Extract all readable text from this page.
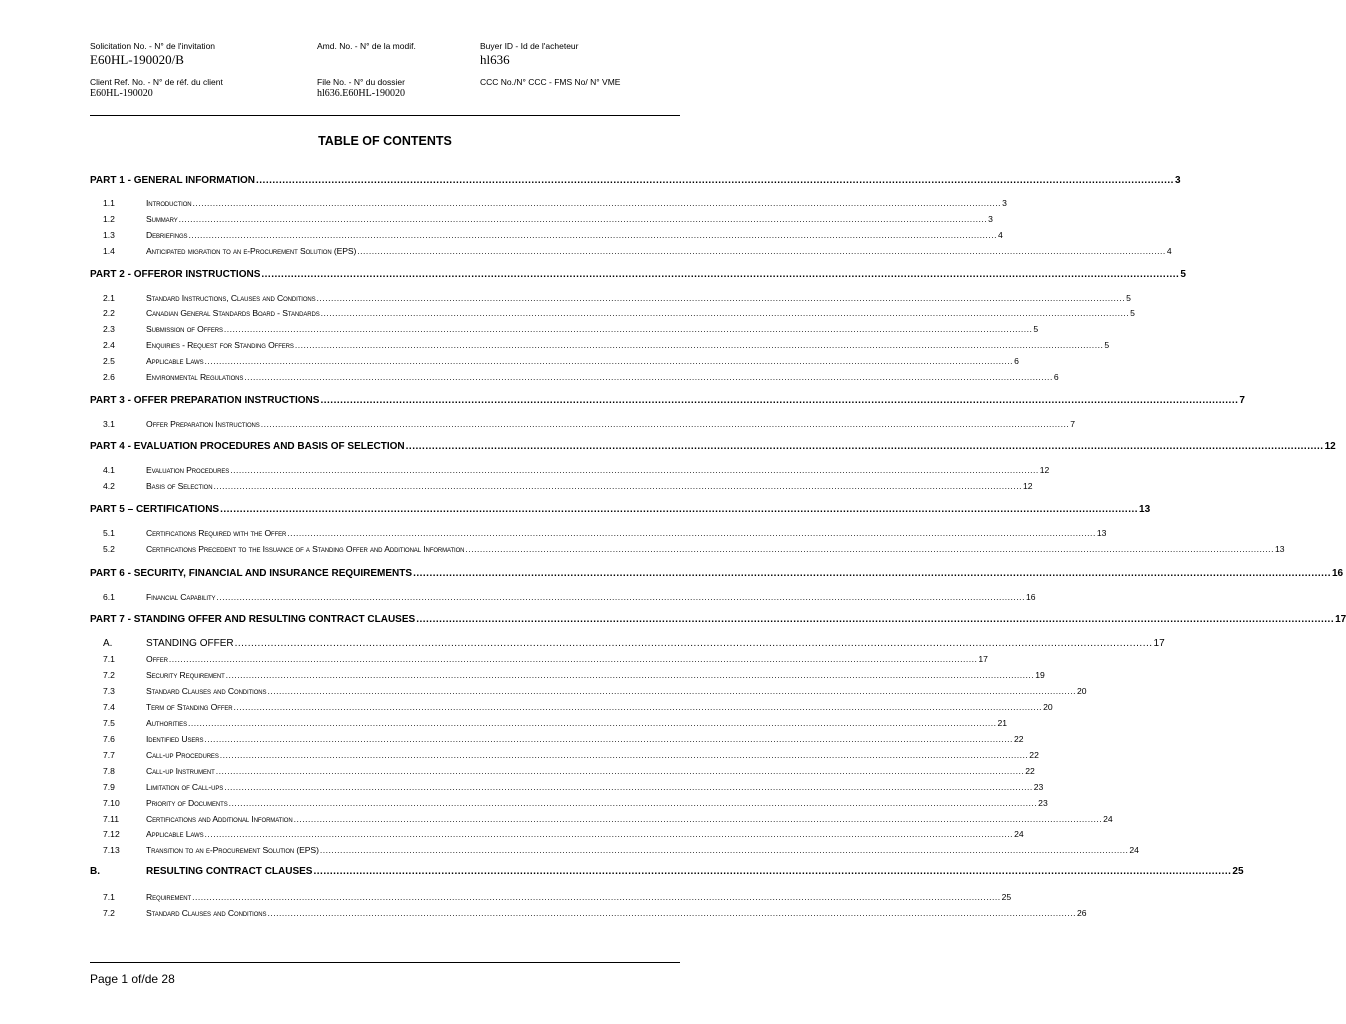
Solicitation No. - N° de l'invitation
E60HL-190020/B
Amd. No. - N° de la modif.	Buyer ID - Id de l'acheteur
hl636
Client Ref. No. - N° de réf. du client
E60HL-190020
File No. - N° du dossier
hl636.E60HL-190020
CCC No./N° CCC - FMS No/ N° VME
TABLE OF CONTENTS
PART 1 - GENERAL INFORMATION .....	3
1.1	Introduction .....	3
1.2	Summary .....	3
1.3	Debriefings .....	4
1.4	Anticipated migration to an e-Procurement Solution (EPS) .....	4
PART 2 - OFFEROR INSTRUCTIONS .....	5
2.1	Standard Instructions, Clauses and Conditions .....	5
2.2	Canadian General Standards Board - Standards .....	5
2.3	Submission of Offers .....	5
2.4	Enquiries - Request for Standing Offers .....	5
2.5	Applicable Laws .....	6
2.6	Environmental Regulations .....	6
PART 3 - OFFER PREPARATION INSTRUCTIONS .....	7
3.1	Offer Preparation Instructions .....	7
PART 4 - EVALUATION PROCEDURES AND BASIS OF SELECTION .....	12
4.1	Evaluation Procedures .....	12
4.2	Basis of Selection .....	12
PART 5 – CERTIFICATIONS .....	13
5.1	Certifications Required with the Offer .....	13
5.2	Certifications Precedent to the Issuance of a Standing Offer and Additional Information .....	13
PART 6 - SECURITY, FINANCIAL AND INSURANCE REQUIREMENTS .....	16
6.1	Financial Capability .....	16
PART 7 - STANDING OFFER AND RESULTING CONTRACT CLAUSES .....	17
A.	STANDING OFFER .....	17
7.1	Offer .....	17
7.2	Security Requirement .....	19
7.3	Standard Clauses and Conditions .....	20
7.4	Term of Standing Offer .....	20
7.5	Authorities .....	21
7.6	Identified Users .....	22
7.7	Call-up Procedures .....	22
7.8	Call-up Instrument .....	22
7.9	Limitation of Call-ups .....	23
7.10	Priority of Documents .....	23
7.11	Certifications and Additional Information .....	24
7.12	Applicable Laws .....	24
7.13	Transition to an e-Procurement Solution (EPS) .....	24
B.	RESULTING CONTRACT CLAUSES .....	25
7.1	Requirement .....	25
7.2	Standard Clauses and Conditions .....	26
Page 1 of/de 28
